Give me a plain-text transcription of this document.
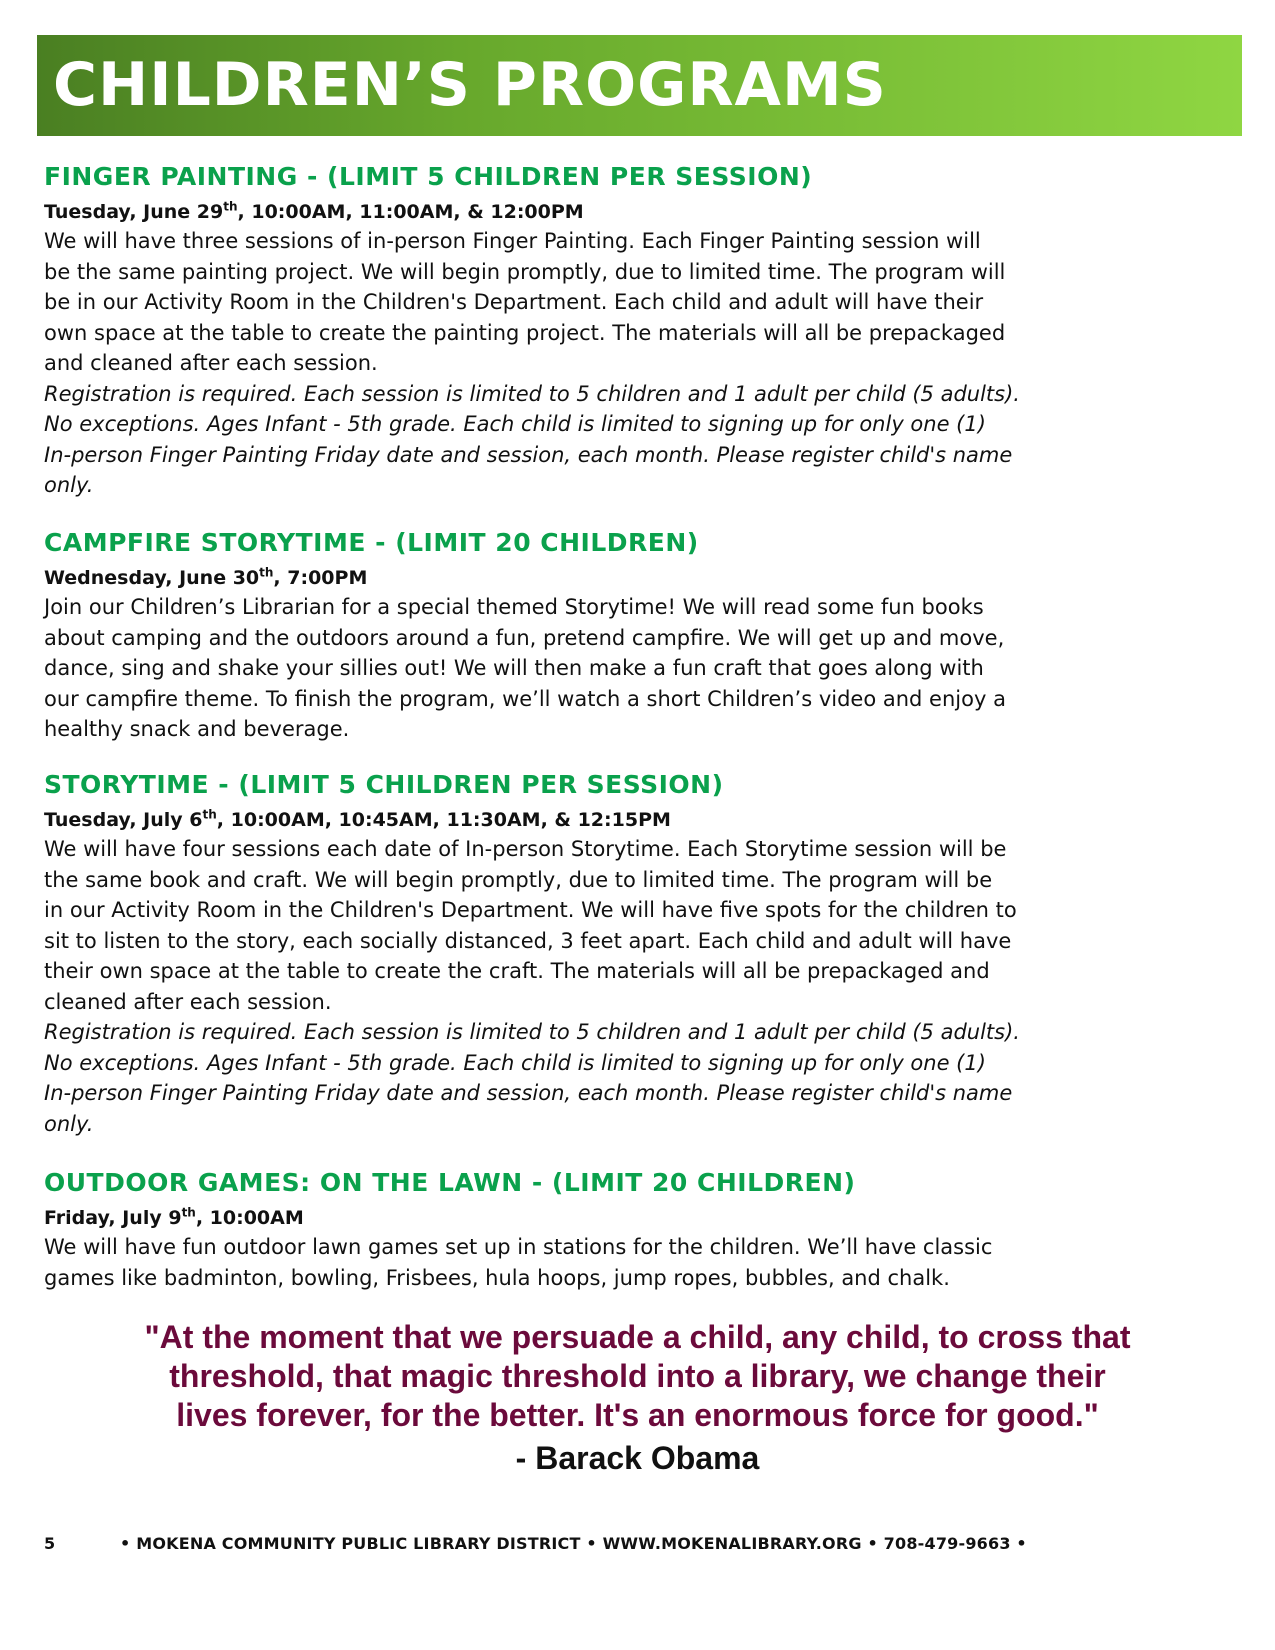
CHILDREN’S PROGRAMS
FINGER PAINTING - (LIMIT 5 CHILDREN PER SESSION)
Tuesday, June 29th, 10:00AM, 11:00AM, & 12:00PM
We will have three sessions of in-person Finger Painting. Each Finger Painting session will
be the same painting project. We will begin promptly, due to limited time. The program will
be in our Activity Room in the Children's Department. Each child and adult will have their
own space at the table to create the painting project. The materials will all be prepackaged
and cleaned after each session.
Registration is required. Each session is limited to 5 children and 1 adult per child (5 adults).
No exceptions. Ages Infant - 5th grade. Each child is limited to signing up for only one (1)
In-person Finger Painting Friday date and session, each month. Please register child's name
only.
CAMPFIRE STORYTIME - (LIMIT 20 CHILDREN)
Wednesday, June 30th, 7:00PM
Join our Children’s Librarian for a special themed Storytime! We will read some fun books
about camping and the outdoors around a fun, pretend campfire. We will get up and move,
dance, sing and shake your sillies out! We will then make a fun craft that goes along with
our campfire theme. To finish the program, we’ll watch a short Children’s video and enjoy a
healthy snack and beverage.
STORYTIME - (LIMIT 5 CHILDREN PER SESSION)
Tuesday, July 6th, 10:00AM, 10:45AM, 11:30AM, & 12:15PM
We will have four sessions each date of In-person Storytime. Each Storytime session will be
the same book and craft. We will begin promptly, due to limited time. The program will be
in our Activity Room in the Children's Department. We will have five spots for the children to
sit to listen to the story, each socially distanced, 3 feet apart. Each child and adult will have
their own space at the table to create the craft. The materials will all be prepackaged and
cleaned after each session.
Registration is required. Each session is limited to 5 children and 1 adult per child (5 adults).
No exceptions. Ages Infant - 5th grade. Each child is limited to signing up for only one (1)
In-person Finger Painting Friday date and session, each month. Please register child's name
only.
OUTDOOR GAMES: ON THE LAWN - (LIMIT 20 CHILDREN)
Friday, July 9th, 10:00AM
We will have fun outdoor lawn games set up in stations for the children. We’ll have classic
games like badminton, bowling, Frisbees, hula hoops, jump ropes, bubbles, and chalk.
"At the moment that we persuade a child, any child, to cross that
threshold, that magic threshold into a library, we change their
lives forever, for the better. It's an enormous force for good."
- Barack Obama
5	• MOKENA COMMUNITY PUBLIC LIBRARY DISTRICT • WWW.MOKENALIBRARY.ORG • 708-479-9663 •
